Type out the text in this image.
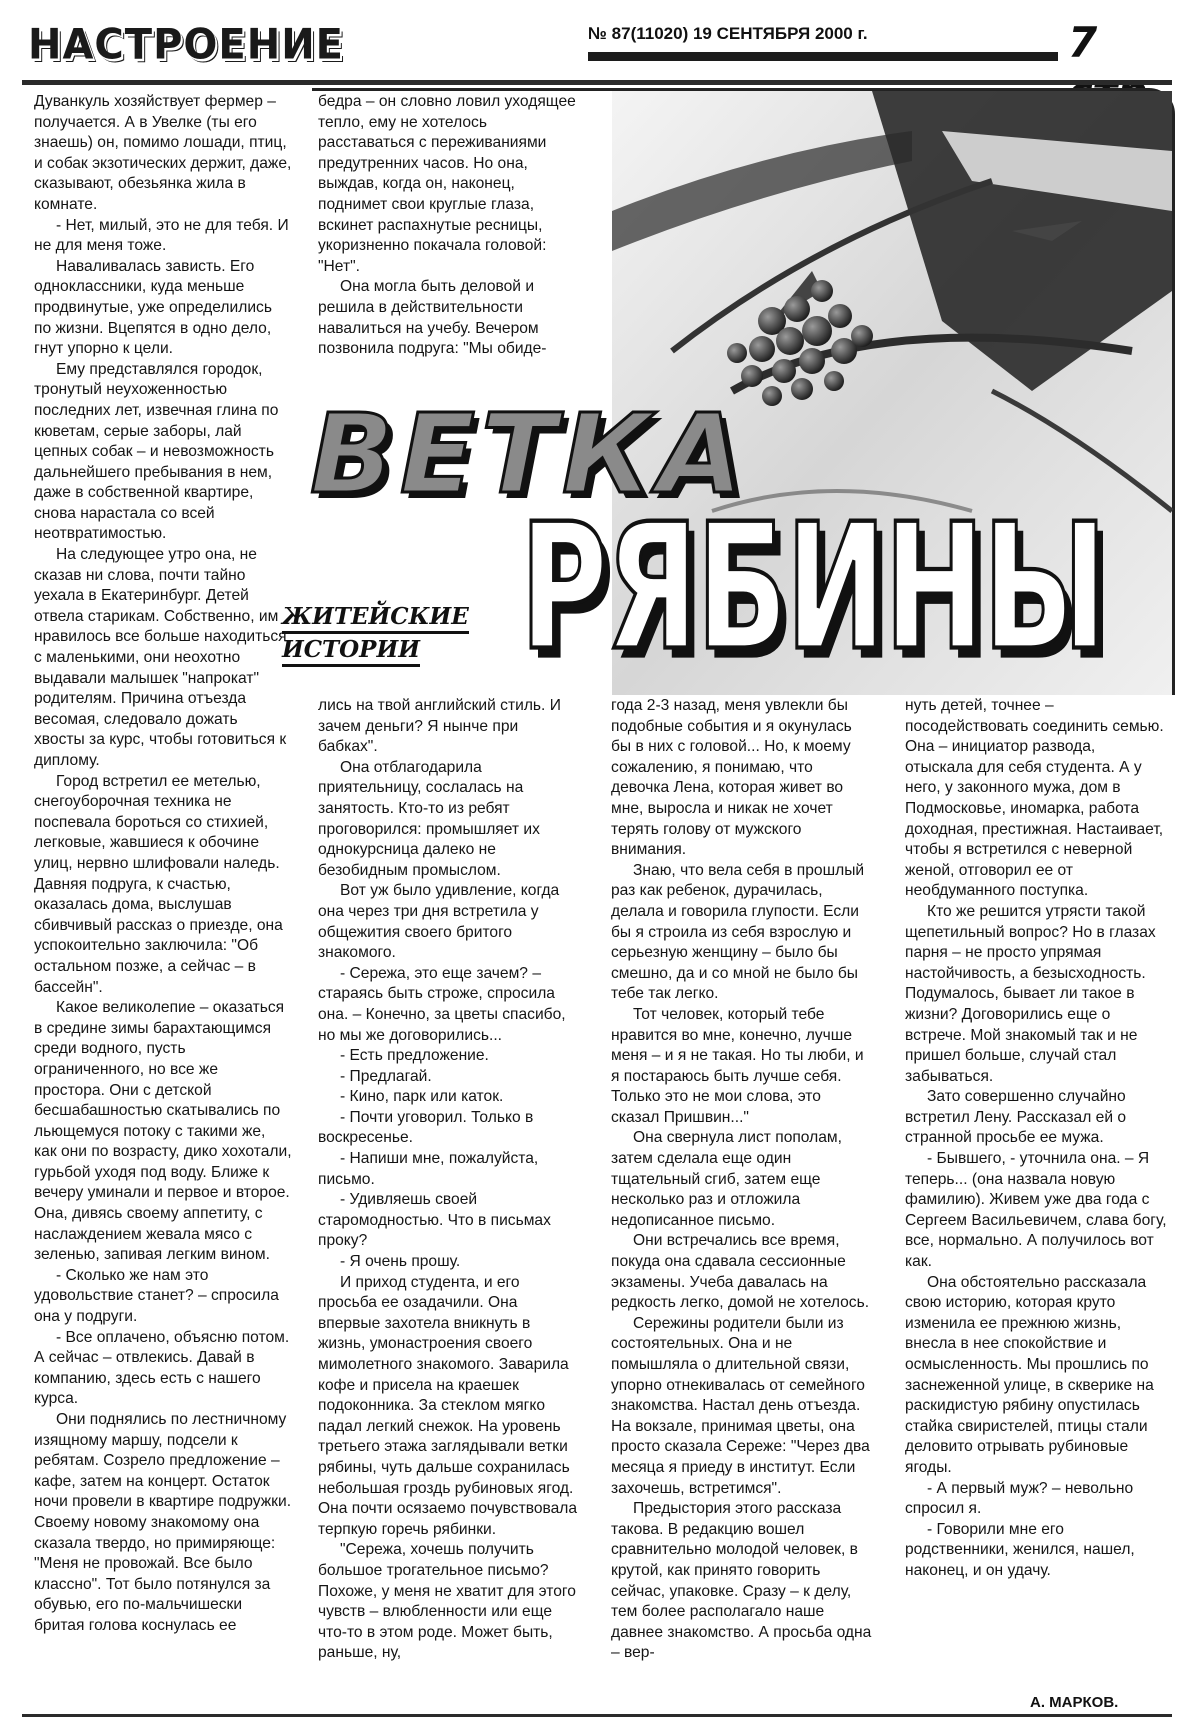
НАСТРОЕНИЕ	№ 87(11020) 19 СЕНТЯБРЯ 2000 г.	7
ЖИТЕЙСКИЕ
ИСТОРИИ
ВЕТКА
РЯБИНЫ

Дуванкуль хозяйствует фермер – получается. А в Увелке (ты его знаешь) он, помимо лошади, птиц, и собак экзотических держит, даже, сказывают, обезьянка жила в комнате.

- Нет, милый, это не для тебя. И не для меня тоже.

Наваливалась зависть. Его одноклассники, куда меньше продвинутые, уже определились по жизни. Вцепятся в одно дело, гнут упорно к цели.

Ему представлялся городок, тронутый неухоженностью последних лет, извечная глина по кюветам, серые заборы, лай цепных собак – и невозможность дальнейшего пребывания в нем, даже в собственной квартире, снова нарастала со всей неотвратимостью.

На следующее утро она, не сказав ни слова, почти тайно уехала в Екатеринбург. Детей отвела старикам. Собственно, им нравилось все больше находиться с маленькими, они неохотно выдавали малышек "напрокат" родителям. Причина отъезда весомая, следовало дожать хвосты за курс, чтобы готовиться к диплому.

Город встретил ее метелью, снегоуборочная техника не поспевала бороться со стихией, легковые, жавшиеся к обочине улиц, нервно шлифовали наледь. Давняя подруга, к счастью, оказалась дома, выслушав сбивчивый рассказ о приезде, она успокоительно заключила: "Об остальном позже, а сейчас – в бассейн".

Какое великолепие – оказаться в средине зимы барахтающимся среди водного, пусть ограниченного, но все же простора. Они с детской бесшабашностью скатывались по льющемуся потоку с такими же, как они по возрасту, дико хохотали, гурьбой уходя под воду. Ближе к вечеру уминали и первое и второе. Она, дивясь своему аппетиту, с наслаждением жевала мясо с зеленью, запивая легким вином.

- Сколько же нам это удовольствие станет? – спросила она у подруги.

- Все оплачено, объясню потом. А сейчас – отвлекись. Давай в компанию, здесь есть с нашего курса.

Они поднялись по лестничному изящному маршу, подсели к ребятам. Созрело предложение – кафе, затем на концерт. Остаток ночи провели в квартире подружки. Своему новому знакомому она сказала твердо, но примиряюще: "Меня не провожай. Все было классно". Тот было потянулся за обувью, его по-мальчишески бритая голова коснулась ее

бедра – он словно ловил уходящее тепло, ему не хотелось расставаться с переживаниями предутренних часов. Но она, выждав, когда он, наконец, поднимет свои круглые глаза, вскинет распахнутые ресницы, укоризненно покачала головой: "Нет".

Она могла быть деловой и решила в действительности навалиться на учебу. Вечером позвонила подруга: "Мы обиде-

лись на твой английский стиль. И зачем деньги? Я нынче при бабках".

Она отблагодарила приятельницу, сослалась на занятость. Кто-то из ребят проговорился: промышляет их однокурсница далеко не безобидным промыслом.

Вот уж было удивление, когда она через три дня встретила у общежития своего бритого знакомого.

- Сережа, это еще зачем? – стараясь быть строже, спросила она. – Конечно, за цветы спасибо, но мы же договорились...

- Есть предложение.

- Предлагай.

- Кино, парк или каток.

- Почти уговорил. Только в воскресенье.

- Напиши мне, пожалуйста, письмо.

- Удивляешь своей старомодностью. Что в письмах проку?

- Я очень прошу.

И приход студента, и его просьба ее озадачили. Она впервые захотела вникнуть в жизнь, умонастроения своего мимолетного знакомого. Заварила кофе и присела на краешек подоконника. За стеклом мягко падал легкий снежок. На уровень третьего этажа заглядывали ветки рябины, чуть дальше сохранилась небольшая гроздь рубиновых ягод. Она почти осязаемо почувствовала терпкую горечь рябинки.

"Сережа, хочешь получить большое трогательное письмо? Похоже, у меня не хватит для этого чувств – влюбленности или еще что-то в этом роде. Может быть, раньше, ну,

года 2-3 назад, меня увлекли бы подобные события и я окунулась бы в них с головой... Но, к моему сожалению, я понимаю, что девочка Лена, которая живет во мне, выросла и никак не хочет терять голову от мужского внимания.

Знаю, что вела себя в прошлый раз как ребенок, дурачилась, делала и говорила глупости. Если бы я строила из себя взрослую и серьезную женщину – было бы смешно, да и со мной не было бы тебе так легко.

Тот человек, который тебе нравится во мне, конечно, лучше меня – и я не такая. Но ты люби, и я постараюсь быть лучше себя. Только это не мои слова, это сказал Пришвин..."

Она свернула лист пополам, затем сделала еще один тщательный сгиб, затем еще несколько раз и отложила недописанное письмо.

Они встречались все время, покуда она сдавала сессионные экзамены. Учеба давалась на редкость легко, домой не хотелось.

Сережины родители были из состоятельных. Она и не помышляла о длительной связи, упорно отнекивалась от семейного знакомства. Настал день отъезда. На вокзале, принимая цветы, она просто сказала Сереже: "Через два месяца я приеду в институт. Если захочешь, встретимся".

Предыстория этого рассказа такова. В редакцию вошел сравнительно молодой человек, в крутой, как принято говорить сейчас, упаковке. Сразу – к делу, тем более располагало наше давнее знакомство. А просьба одна – вер-

нуть детей, точнее – посодействовать соединить семью. Она – инициатор развода, отыскала для себя студента. А у него, у законного мужа, дом в Подмосковье, иномарка, работа доходная, престижная. Настаивает, чтобы я встретился с неверной женой, отговорил ее от необдуманного поступка.

Кто же решится утрясти такой щепетильный вопрос? Но в глазах парня – не просто упрямая настойчивость, а безысходность. Подумалось, бывает ли такое в жизни? Договорились еще о встрече. Мой знакомый так и не пришел больше, случай стал забываться.

Зато совершенно случайно встретил Лену. Рассказал ей о странной просьбе ее мужа.

- Бывшего, - уточнила она. – Я теперь... (она назвала новую фамилию). Живем уже два года с Сергеем Васильевичем, слава богу, все, нормально. А получилось вот как.

Она обстоятельно рассказала свою историю, которая круто изменила ее прежнюю жизнь, внесла в нее спокойствие и осмысленность. Мы прошлись по заснеженной улице, в скверике на раскидистую рябину опустилась стайка свиристелей, птицы стали деловито отрывать рубиновые ягоды.

- А первый муж? – невольно спросил я.

- Говорили мне его родственники, женился, нашел, наконец, и он удачу.

А. МАРКОВ.
